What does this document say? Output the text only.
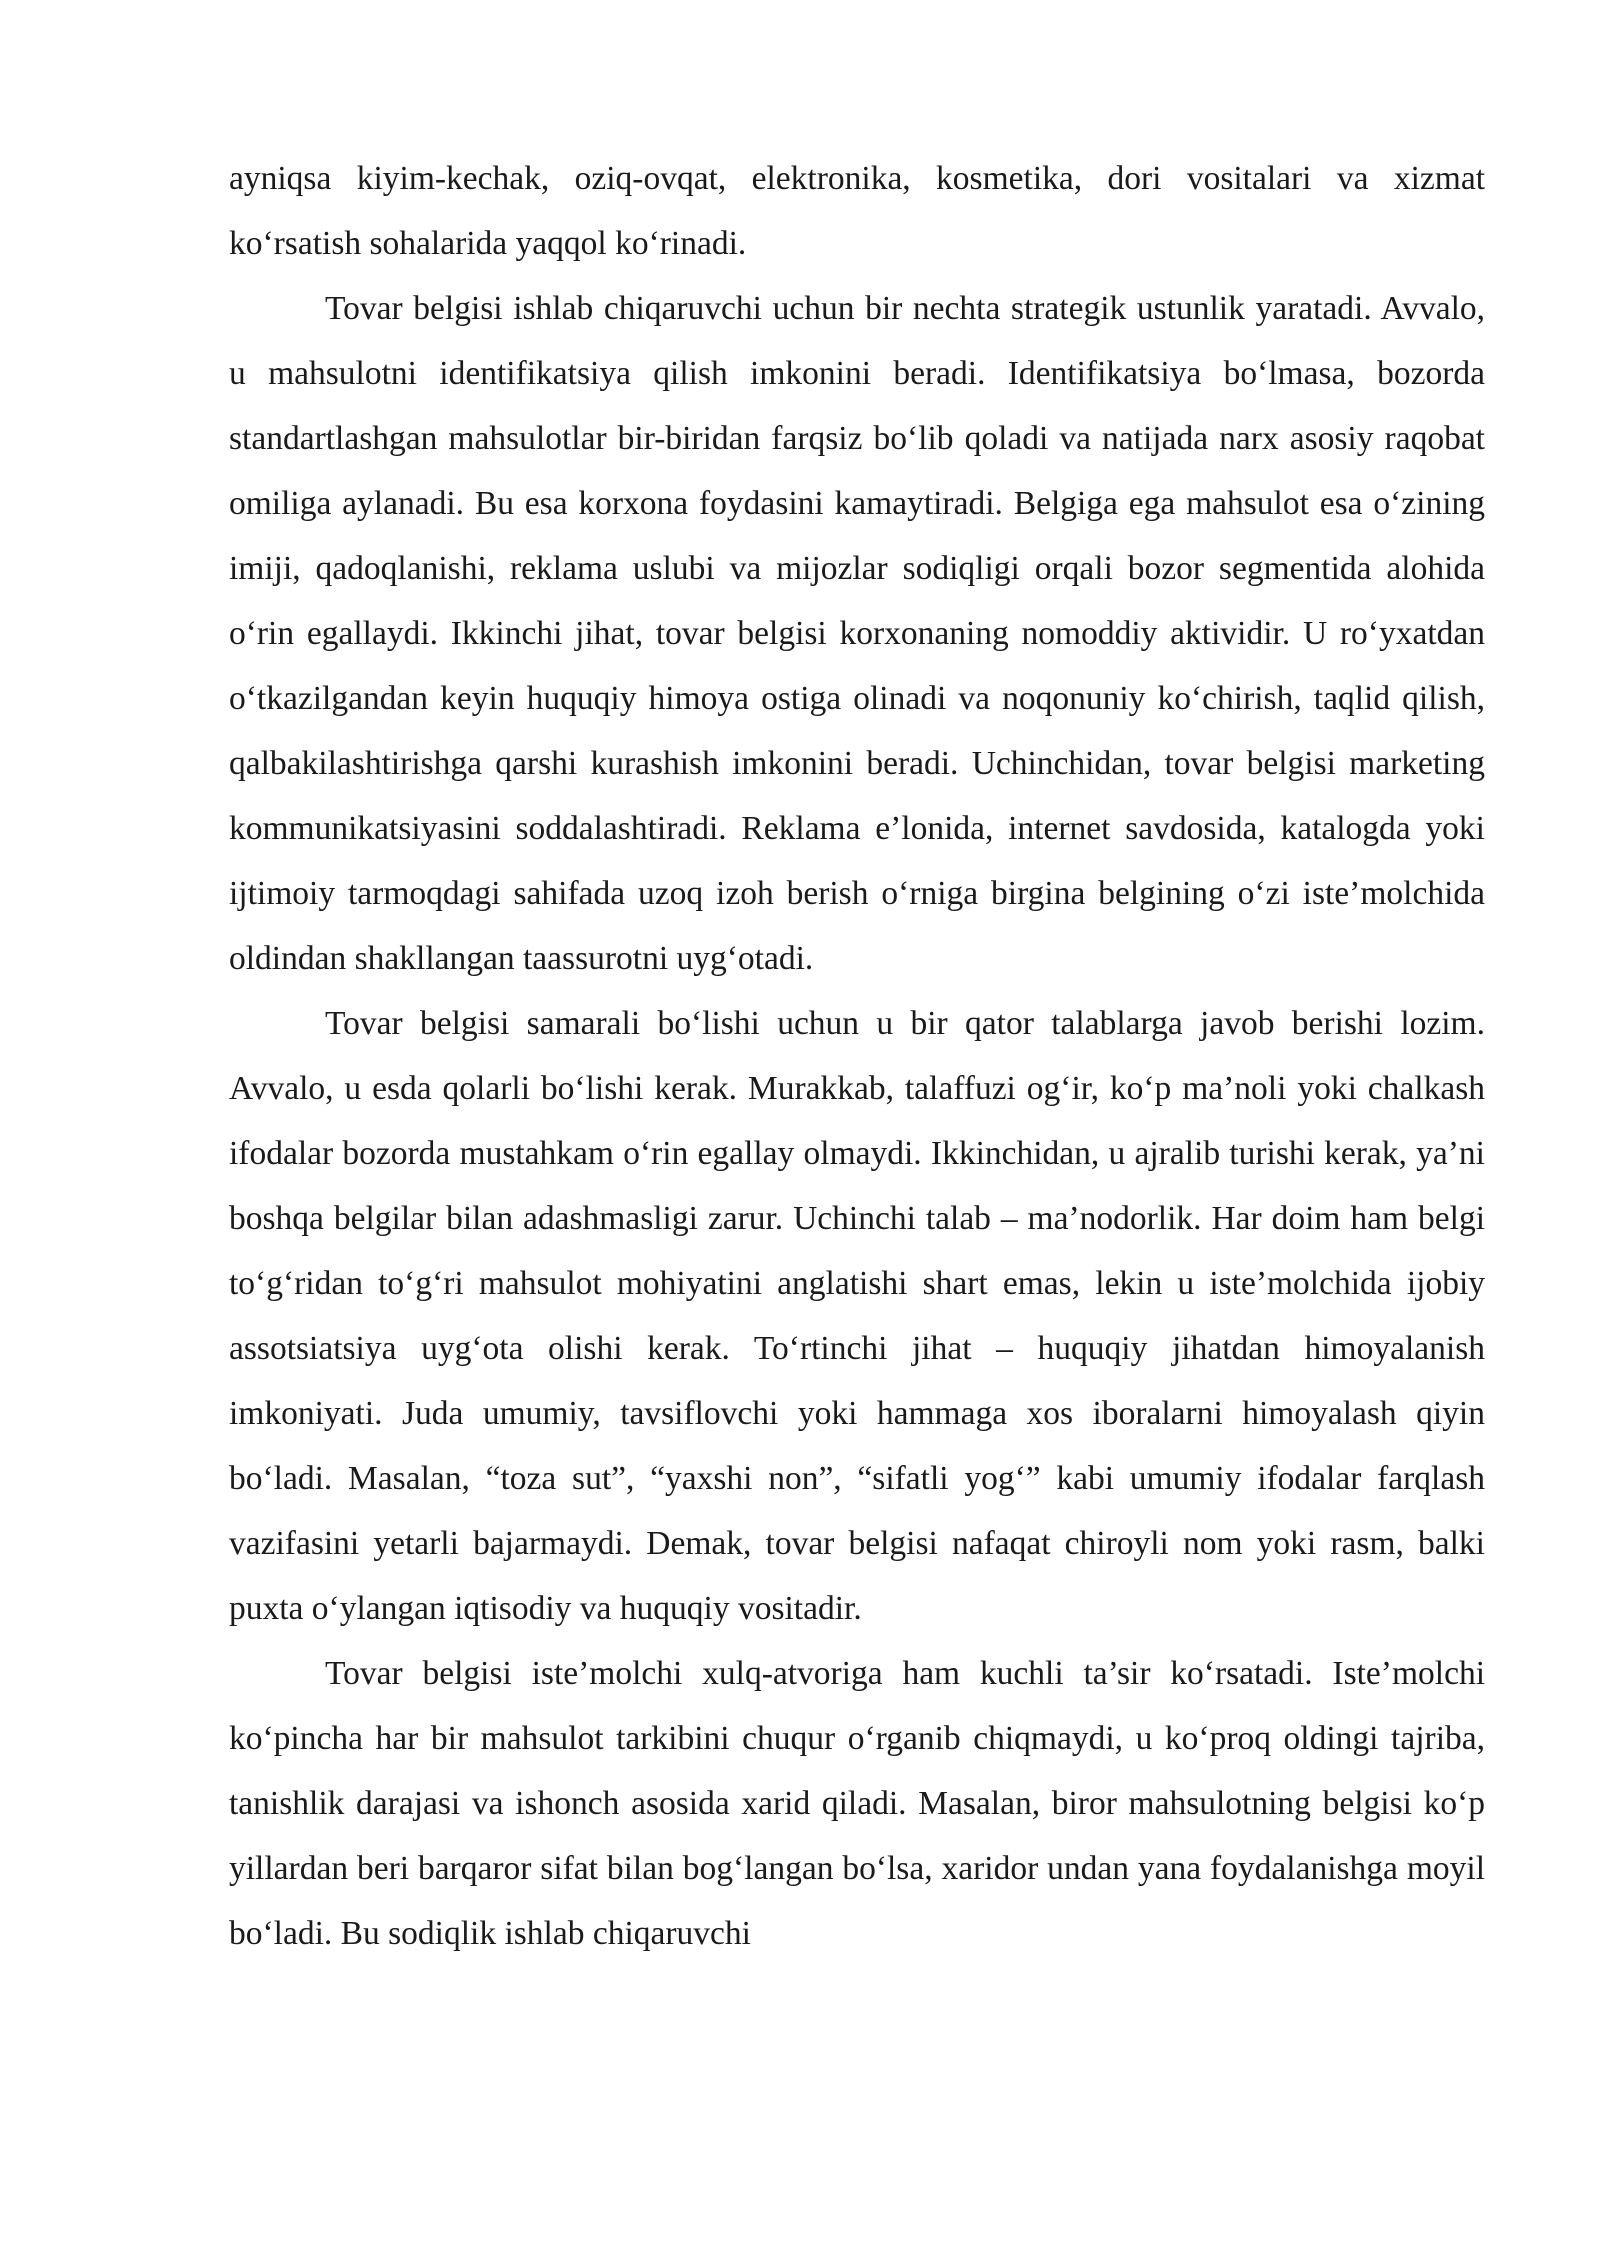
ayniqsa kiyim-kechak, oziq-ovqat, elektronika, kosmetika, dori vositalari va xizmat koʻrsatish sohalarida yaqqol koʻrinadi.

Tovar belgisi ishlab chiqaruvchi uchun bir nechta strategik ustunlik yaratadi. Avvalo, u mahsulotni identifikatsiya qilish imkonini beradi. Identifikatsiya boʻlmasa, bozorda standartlashgan mahsulotlar bir-biridan farqsiz boʻlib qoladi va natijada narx asosiy raqobat omiliga aylanadi. Bu esa korxona foydasini kamaytiradi. Belgiga ega mahsulot esa oʻzining imiji, qadoqlanishi, reklama uslubi va mijozlar sodiqligi orqali bozor segmentida alohida oʻrin egallaydi. Ikkinchi jihat, tovar belgisi korxonaning nomoddiy aktividir. U roʻyxatdan oʻtkazilgandan keyin huquqiy himoya ostiga olinadi va noqonuniy koʻchirish, taqlid qilish, qalbakilashtirishga qarshi kurashish imkonini beradi. Uchinchidan, tovar belgisi marketing kommunikatsiyasini soddalashtiradi. Reklama e’lonida, internet savdosida, katalogda yoki ijtimoiy tarmoqdagi sahifada uzoq izoh berish oʻrniga birgina belgining oʻzi iste’molchida oldindan shakllangan taassurotni uygʻotadi.

Tovar belgisi samarali boʻlishi uchun u bir qator talablarga javob berishi lozim. Avvalo, u esda qolarli boʻlishi kerak. Murakkab, talaffuzi ogʻir, koʻp ma’noli yoki chalkash ifodalar bozorda mustahkam oʻrin egallay olmaydi. Ikkinchidan, u ajralib turishi kerak, ya’ni boshqa belgilar bilan adashmasligi zarur. Uchinchi talab – ma’nodorlik. Har doim ham belgi toʻgʻridan toʻgʻri mahsulot mohiyatini anglatishi shart emas, lekin u iste’molchida ijobiy assotsiatsiya uygʻota olishi kerak. Toʻrtinchi jihat – huquqiy jihatdan himoyalanish imkoniyati. Juda umumiy, tavsiflovchi yoki hammaga xos iboralarni himoyalash qiyin boʻladi. Masalan, “toza sut”, “yaxshi non”, “sifatli yogʻ” kabi umumiy ifodalar farqlash vazifasini yetarli bajarmaydi. Demak, tovar belgisi nafaqat chiroyli nom yoki rasm, balki puxta oʻylangan iqtisodiy va huquqiy vositadir.

Tovar belgisi iste’molchi xulq-atvoriga ham kuchli ta’sir koʻrsatadi. Iste’molchi koʻpincha har bir mahsulot tarkibini chuqur oʻrganib chiqmaydi, u koʻproq oldingi tajriba, tanishlik darajasi va ishonch asosida xarid qiladi. Masalan, biror mahsulotning belgisi koʻp yillardan beri barqaror sifat bilan bogʻlangan boʻlsa, xaridor undan yana foydalanishga moyil boʻladi. Bu sodiqlik ishlab chiqaruvchi
